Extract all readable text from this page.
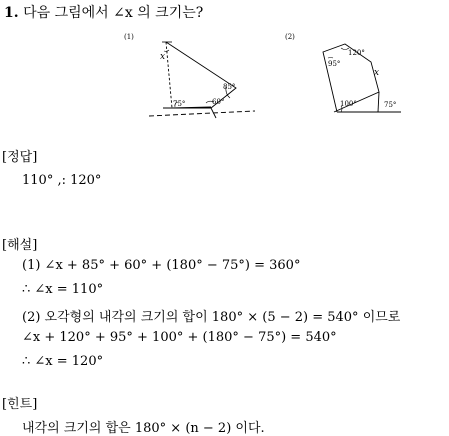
1. 다음 그림에서 ∠x 의 크기는?
(1)
x
85°
75°	60°
(2)
95°
120°
x
100°	75°
[정답]
110° ,: 120°
[해설]
(1) ∠x + 85° + 60° + (180° − 75°) = 360°
∴ ∠x = 110°
(2) 오각형의 내각의 크기의 합이 180° × (5 − 2) = 540° 이므로
∠x + 120° + 95° + 100° + (180° − 75°) = 540°
∴ ∠x = 120°
[힌트]
내각의 크기의 합은 180° × (n − 2) 이다.
